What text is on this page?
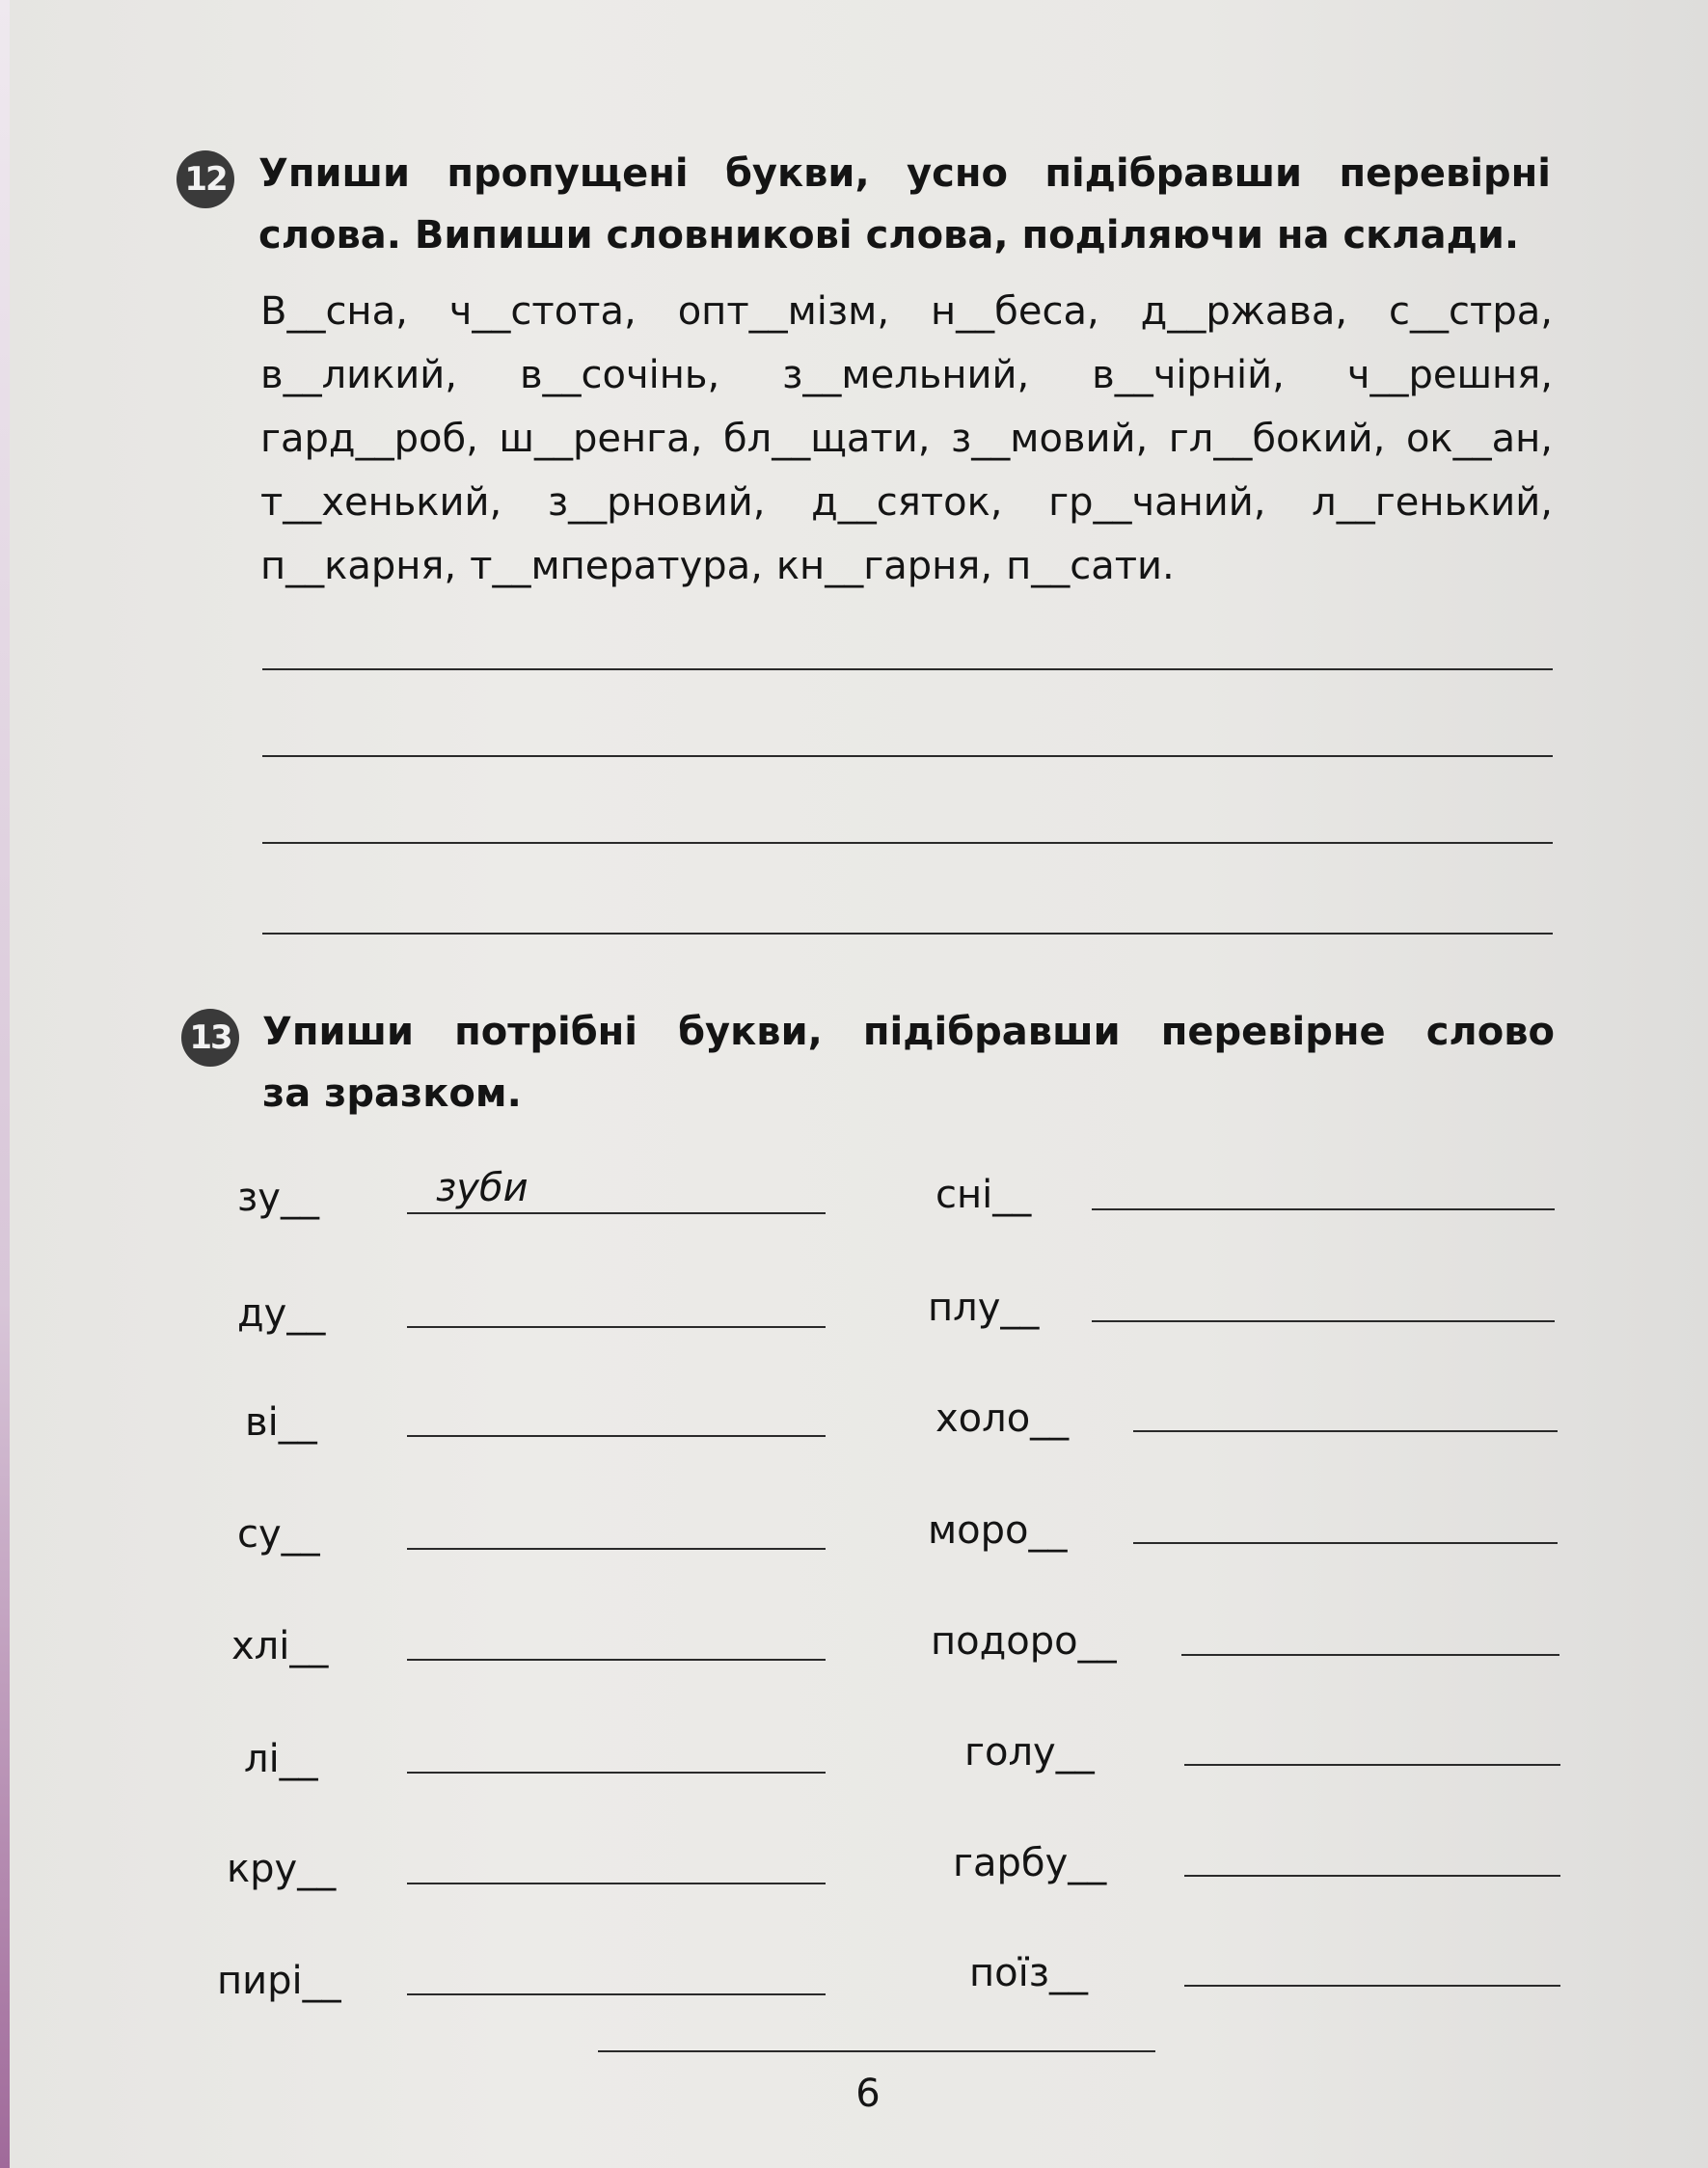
12 Упиши пропущені букви, усно підібравши перевірні
слова. Випиши словникові слова, поділяючи на склади.
В__сна, ч__стота, опт__мізм, н__беса, д__ржава, с__стра,
в__ликий, в__сочінь, з__мельний, в__чірній, ч__решня,
гард__роб, ш__ренга, бл__щати, з__мовий, гл__бокий, ок__ан,
т__хенький, з__рновий, д__сяток, гр__чаний, л__генький,
п__карня, т__мпература, кн__гарня, п__сати.
13 Упиши потрібні букви, підібравши перевірне слово
за зразком.
зу__	зуби
ду__
ві__
су__
хлі__
лі__
кру__
пирі__
сні__
плу__
холо__
моро__
подоро__
голу__
гарбу__
поїз__
6
